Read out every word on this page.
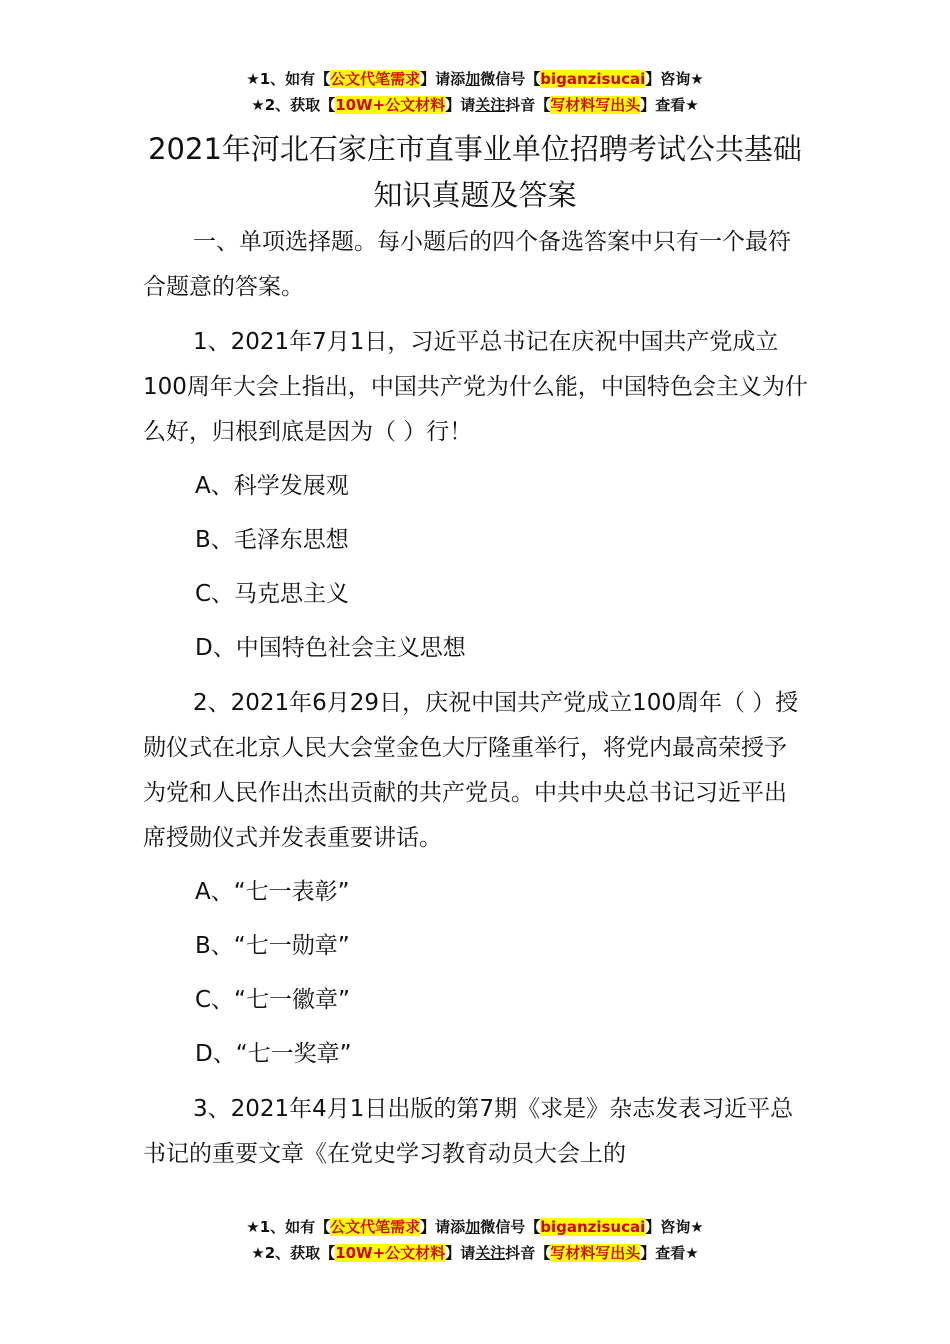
★1、如有【公文代笔需求】请添加微信号【biganzisucai】咨询★
★2、获取【10W+公文材料】请关注抖音【写材料写出头】查看★
2021年河北石家庄市直事业单位招聘考试公共基础知识真题及答案

一、单项选择题。每小题后的四个备选答案中只有一个最符合题意的答案。

1、2021年7月1日，习近平总书记在庆祝中国共产党成立100周年大会上指出，中国共产党为什么能，中国特色会主义为什么好，归根到底是因为（ ）行！

A、科学发展观

B、毛泽东思想

C、马克思主义

D、中国特色社会主义思想

2、2021年6月29日，庆祝中国共产党成立100周年（ ）授勋仪式在北京人民大会堂金色大厅隆重举行，将党内最高荣授予为党和人民作出杰出贡献的共产党员。中共中央总书记习近平出席授勋仪式并发表重要讲话。

A、“七一表彰”

B、“七一勋章”

C、“七一徽章”

D、“七一奖章”

3、2021年4月1日出版的第7期《求是》杂志发表习近平总书记的重要文章《在党史学习教育动员大会上的

★1、如有【公文代笔需求】请添加微信号【biganzisucai】咨询★
★2、获取【10W+公文材料】请关注抖音【写材料写出头】查看★
